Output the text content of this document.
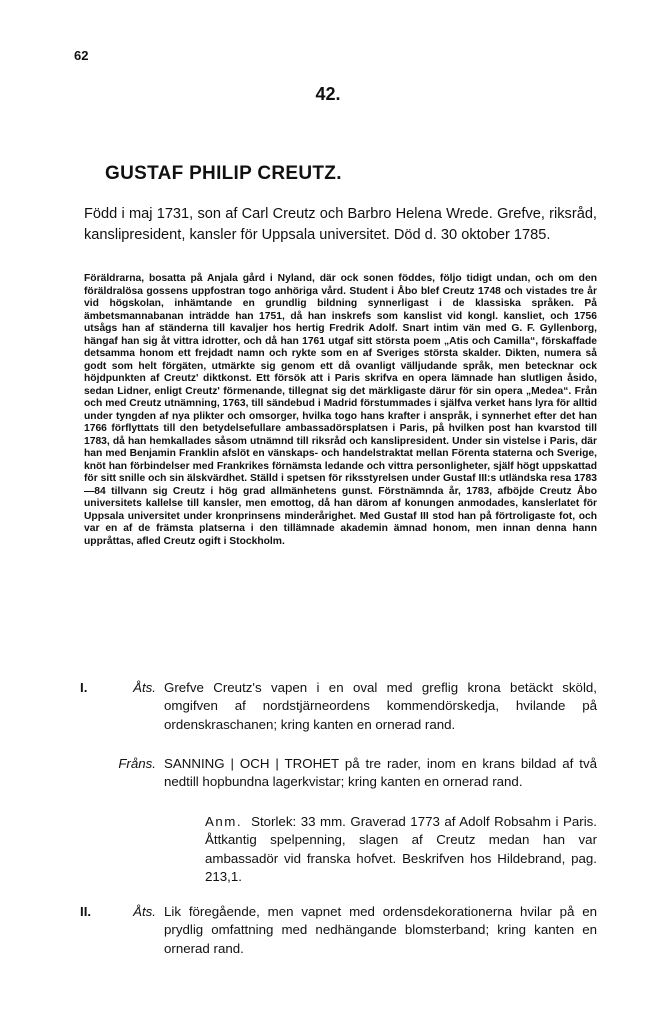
62
42.
GUSTAF PHILIP CREUTZ.

Född i maj 1731, son af Carl Creutz och Barbro Helena Wrede. Grefve, riksråd, kanslipresident, kansler för Uppsala universitet. Död d. 30 oktober 1785.

Föräldrarna, bosatta på Anjala gård i Nyland, där ock sonen föddes, följo tidigt undan, och om den föräldralösa gossens uppfostran togo anhöriga vård. Student i Åbo blef Creutz 1748 och vistades tre år vid högskolan, inhämtande en grundlig bildning synnerligast i de klassiska språken. På ämbetsmannabanan inträdde han 1751, då han inskrefs som kanslist vid kongl. kansliet, och 1756 utsågs han af ständerna till kavaljer hos hertig Fredrik Adolf. Snart intim vän med G. F. Gyllenborg, hängaf han sig åt vittra idrotter, och då han 1761 utgaf sitt största poem „Atis och Camilla“, förskaffade detsamma honom ett frejdadt namn och rykte som en af Sveriges största skalder. Dikten, numera så godt som helt förgäten, utmärkte sig genom ett då ovanligt välljudande språk, men betecknar ock höjdpunkten af Creutz' diktkonst. Ett försök att i Paris skrifva en opera lämnade han slutligen åsido, sedan Lidner, enligt Creutz' förmenande, tillegnat sig det märkligaste därur för sin opera „Medea“. Från och med Creutz utnämning, 1763, till sändebud i Madrid förstummades i själfva verket hans lyra för alltid under tyngden af nya plikter och omsorger, hvilka togo hans krafter i anspråk, i synnerhet efter det han 1766 förflyttats till den betydelsefullare ambassadörsplatsen i Paris, på hvilken post han kvarstod till 1783, då han hemkallades såsom utnämnd till riksråd och kanslipresident. Under sin vistelse i Paris, där han med Benjamin Franklin afslöt en vänskaps- och handelstraktat mellan Förenta staterna och Sverige, knöt han förbindelser med Frankrikes förnämsta ledande och vittra personligheter, själf högt uppskattad för sitt snille och sin älskvärdhet. Ställd i spetsen för riksstyrelsen under Gustaf III:s utländska resa 1783—84 tillvann sig Creutz i hög grad allmänhetens gunst. Förstnämnda år, 1783, afböjde Creutz Åbo universitets kallelse till kansler, men emottog, då han därom af konungen anmodades, kanslerlatet för Uppsala universitet under kronprinsens minderårighet. Med Gustaf III stod han på förtroligaste fot, och var en af de främsta platserna i den tillämnade akademin ämnad honom, men innan denna hann uppråttas, afled Creutz ogift i Stockholm.

I.	Åts. Grefve Creutz's vapen i en oval med greflig krona betäckt sköld, omgifven af nordstjärneordens kommendörskedja, hvilande på ordenskraschanen; kring kanten en ornerad rand.

Fråns. SANNING | OCH | TROHET på tre rader, inom en krans bildad af två nedtill hopbundna lagerkvistar; kring kanten en ornerad rand.

Anm. Storlek: 33 mm. Graverad 1773 af Adolf Robsahm i Paris. Åttkantig spelpenning, slagen af Creutz medan han var ambassadör vid franska hofvet. Beskrifven hos Hildebrand, pag. 213,1.

II.	Åts. Lik föregående, men vapnet med ordensdekorationerna hvilar på en prydlig omfattning med nedhängande blomsterband; kring kanten en ornerad rand.
